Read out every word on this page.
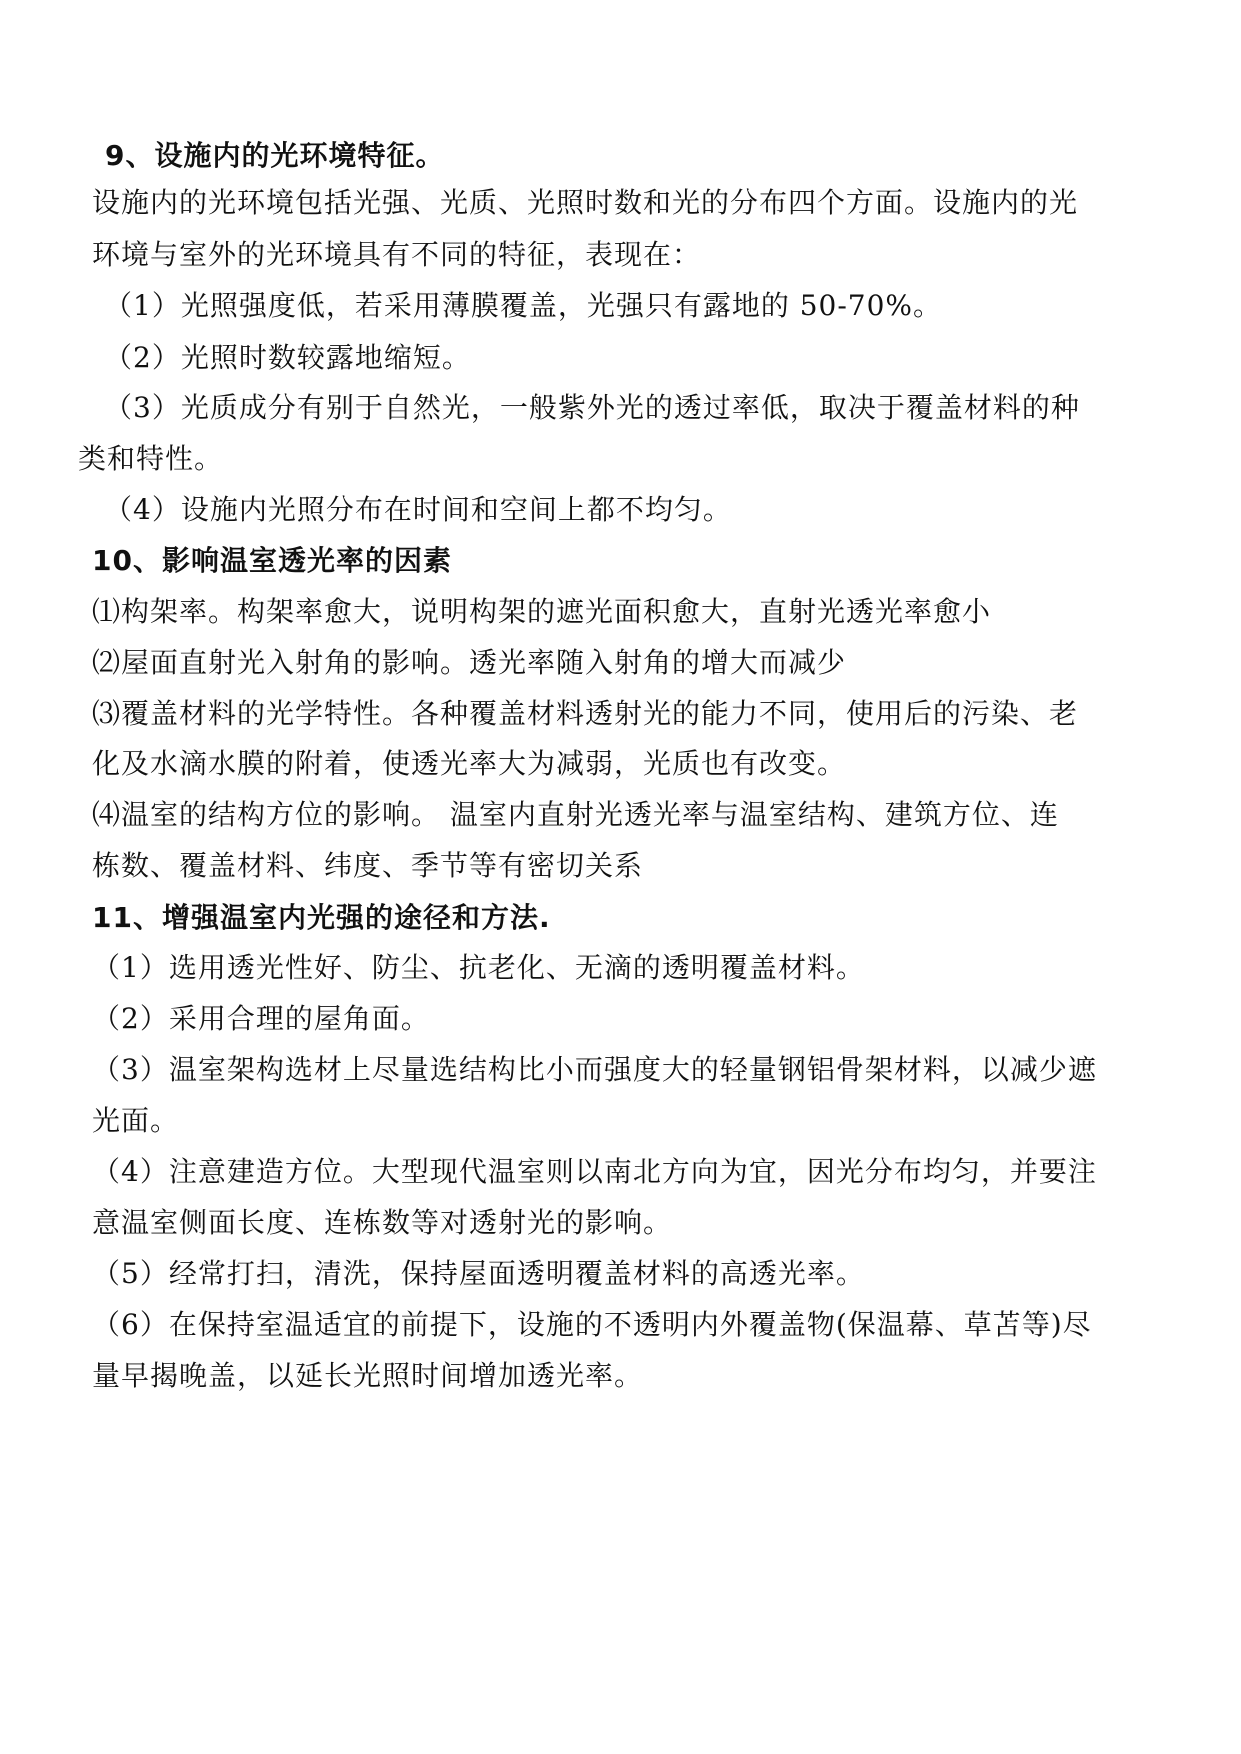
9、设施内的光环境特征。
设施内的光环境包括光强、光质、光照时数和光的分布四个方面。设施内的光
环境与室外的光环境具有不同的特征，表现在：
（1）光照强度低，若采用薄膜覆盖，光强只有露地的 50-70%。
（2）光照时数较露地缩短。
（3）光质成分有别于自然光，一般紫外光的透过率低，取决于覆盖材料的种
类和特性。
（4）设施内光照分布在时间和空间上都不均匀。
10、影响温室透光率的因素
⑴构架率。构架率愈大，说明构架的遮光面积愈大，直射光透光率愈小
⑵屋面直射光入射角的影响。透光率随入射角的增大而减少
⑶覆盖材料的光学特性。各种覆盖材料透射光的能力不同，使用后的污染、老
化及水滴水膜的附着，使透光率大为减弱，光质也有改变。
⑷温室的结构方位的影响。 温室内直射光透光率与温室结构、建筑方位、连
栋数、覆盖材料、纬度、季节等有密切关系
11、增强温室内光强的途径和方法.
（1）选用透光性好、防尘、抗老化、无滴的透明覆盖材料。
（2）采用合理的屋角面。
（3）温室架构选材上尽量选结构比小而强度大的轻量钢铝骨架材料，以减少遮
光面。
（4）注意建造方位。大型现代温室则以南北方向为宜，因光分布均匀，并要注
意温室侧面长度、连栋数等对透射光的影响。
（5）经常打扫，清洗，保持屋面透明覆盖材料的高透光率。
（6）在保持室温适宜的前提下，设施的不透明内外覆盖物(保温幕、草苫等)尽
量早揭晚盖，以延长光照时间增加透光率。
